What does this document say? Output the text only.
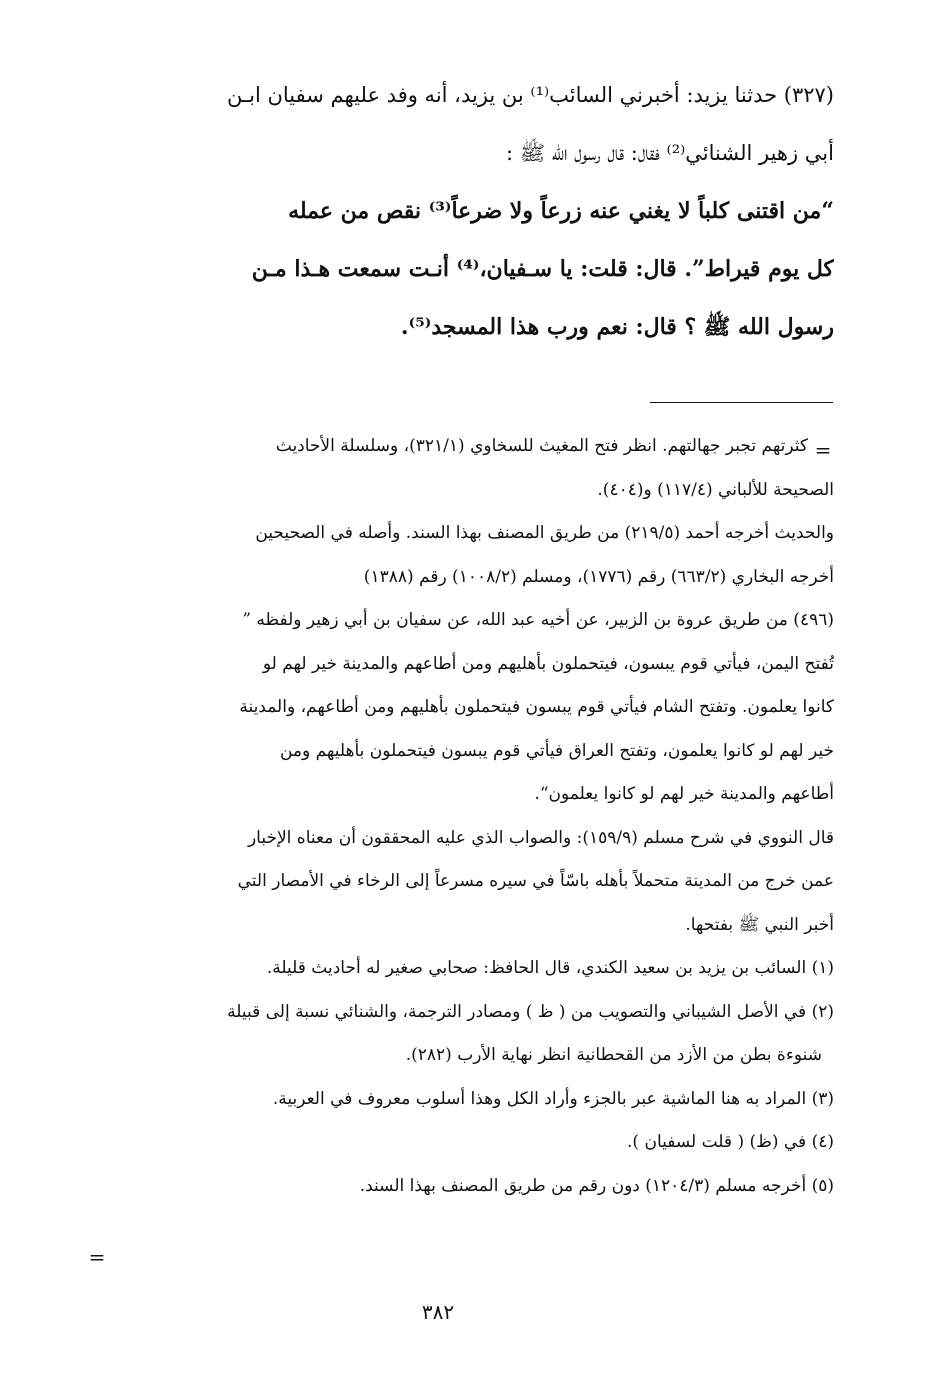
(٣٢٧) حدثنا يزيد: أخبرني السائب⁽¹⁾ بن يزيد، أنه وفد عليهم سفيان ابـن
أبي زهير الشنائي⁽²⁾ فقال: قال رسول الله ﷺ :
“من اقتنى كلباً لا يغني عنه زرعاً ولا ضرعاً⁽³⁾ نقص من عمله
كل يوم قيراط”. قال: قلت: يا سـفيان،⁽⁴⁾ أنـت سمعت هـذا مـن
رسول الله ﷺ ؟ قال: نعم ورب هذا المسجد⁽⁵⁾.
=
كثرتهم تجبر جهالتهم. انظر فتح المغيث للسخاوي (٣٢١/١)، وسلسلة الأحاديث
الصحيحة للألباني (١١٧/٤) و(٤٠٤).
والحديث أخرجه أحمد (٢١٩/٥) من طريق المصنف بهذا السند. وأصله في الصحيحين
أخرجه البخاري (٦٦٣/٢) رقم (١٧٧٦)، ومسلم (١٠٠٨/٢) رقم (١٣٨٨)
(٤٩٦) من طريق عروة بن الزبير، عن أخيه عبد الله، عن سفيان بن أبي زهير ولفظه ”
تُفتح اليمن، فيأتي قوم يبسون، فيتحملون بأهليهم ومن أطاعهم والمدينة خير لهم لو
كانوا يعلمون. وتفتح الشام فيأتي قوم يبسون فيتحملون بأهليهم ومن أطاعهم، والمدينة
خير لهم لو كانوا يعلمون، وتفتح العراق فيأتي قوم يبسون فيتحملون بأهليهم ومن
أطاعهم والمدينة خير لهم لو كانوا يعلمون“.
قال النووي في شرح مسلم (١٥٩/٩): والصواب الذي عليه المحققون أن معناه الإخبار
عمن خرج من المدينة متحملاً بأهله باسّاً في سيره مسرعاً إلى الرخاء في الأمصار التي
أخبر النبي ﷺ بفتحها.
(١) السائب بن يزيد بن سعيد الكندي، قال الحافظ: صحابي صغير له أحاديث قليلة.
(٢) في الأصل الشيباني والتصويب من ( ظ ) ومصادر الترجمة، والشنائي نسبة إلى قبيلة
شنوءة بطن من الأزد من القحطانية انظر نهاية الأرب (٢٨٢).
(٣) المراد به هنا الماشية عبر بالجزء وأراد الكل وهذا أسلوب معروف في العربية.
(٤) في (ظ) ( قلت لسفيان ).
(٥) أخرجه مسلم (١٢٠٤/٣) دون رقم من طريق المصنف بهذا السند.
=
٣٨٢
